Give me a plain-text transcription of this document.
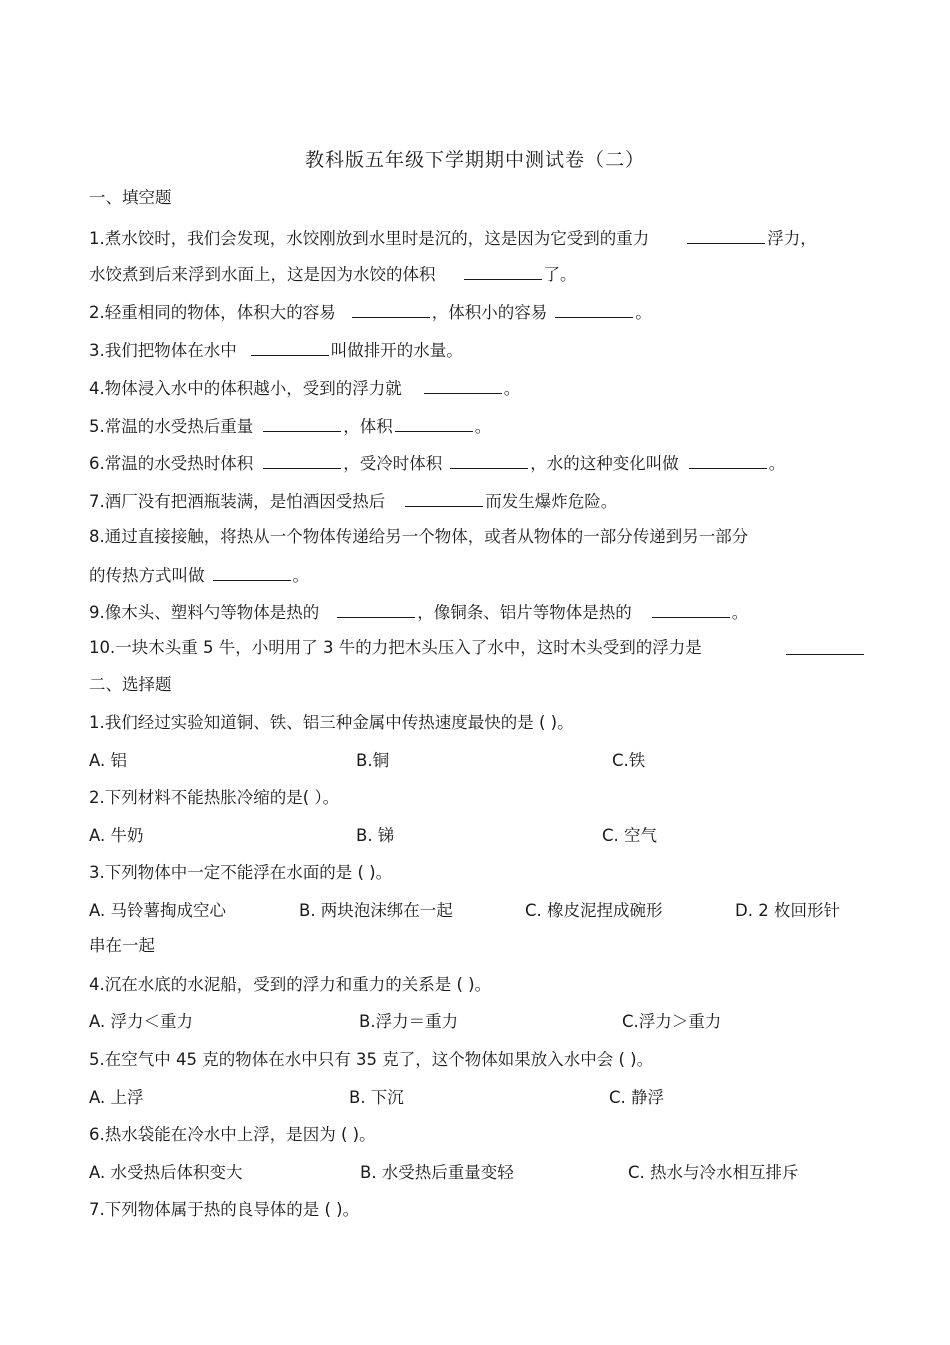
教科版五年级下学期期中测试卷（二）
一、填空题
1.煮水饺时，我们会发现，水饺刚放到水里时是沉的，这是因为它受到的重力	浮力，
水饺煮到后来浮到水面上，这是因为水饺的体积	了。
2.轻重相同的物体，体积大的容易	，体积小的容易	。
3.我们把物体在水中	叫做排开的水量。
4.物体浸入水中的体积越小，受到的浮力就	。
5.常温的水受热后重量	，体积	。
6.常温的水受热时体积	，受冷时体积	，水的这种变化叫做	。
7.酒厂没有把酒瓶装满，是怕酒因受热后	而发生爆炸危险。
8.通过直接接触，将热从一个物体传递给另一个物体，或者从物体的一部分传递到另一部分
的传热方式叫做	。
9.像木头、塑料勺等物体是热的	，像铜条、铝片等物体是热的	。
10.一块木头重 5 牛，小明用了 3 牛的力把木头压入了水中，这时木头受到的浮力是
二、选择题
1.我们经过实验知道铜、铁、铝三种金属中传热速度最快的是 ( )。
A. 铝	B.铜	C.铁
2.下列材料不能热胀冷缩的是( ）。
A. 牛奶	B. 锑	C. 空气
3.下列物体中一定不能浮在水面的是 ( )。
A. 马铃薯掏成空心	B. 两块泡沫绑在一起	C. 橡皮泥捏成碗形	D. 2 枚回形针
串在一起
4.沉在水底的水泥船，受到的浮力和重力的关系是 ( )。
A. 浮力＜重力	B.浮力＝重力	C.浮力＞重力
5.在空气中 45 克的物体在水中只有 35 克了，这个物体如果放入水中会 ( )。
A. 上浮	B. 下沉	C. 静浮
6.热水袋能在冷水中上浮，是因为 ( )。
A. 水受热后体积变大	B. 水受热后重量变轻	C. 热水与冷水相互排斥
7.下列物体属于热的良导体的是 ( )。
